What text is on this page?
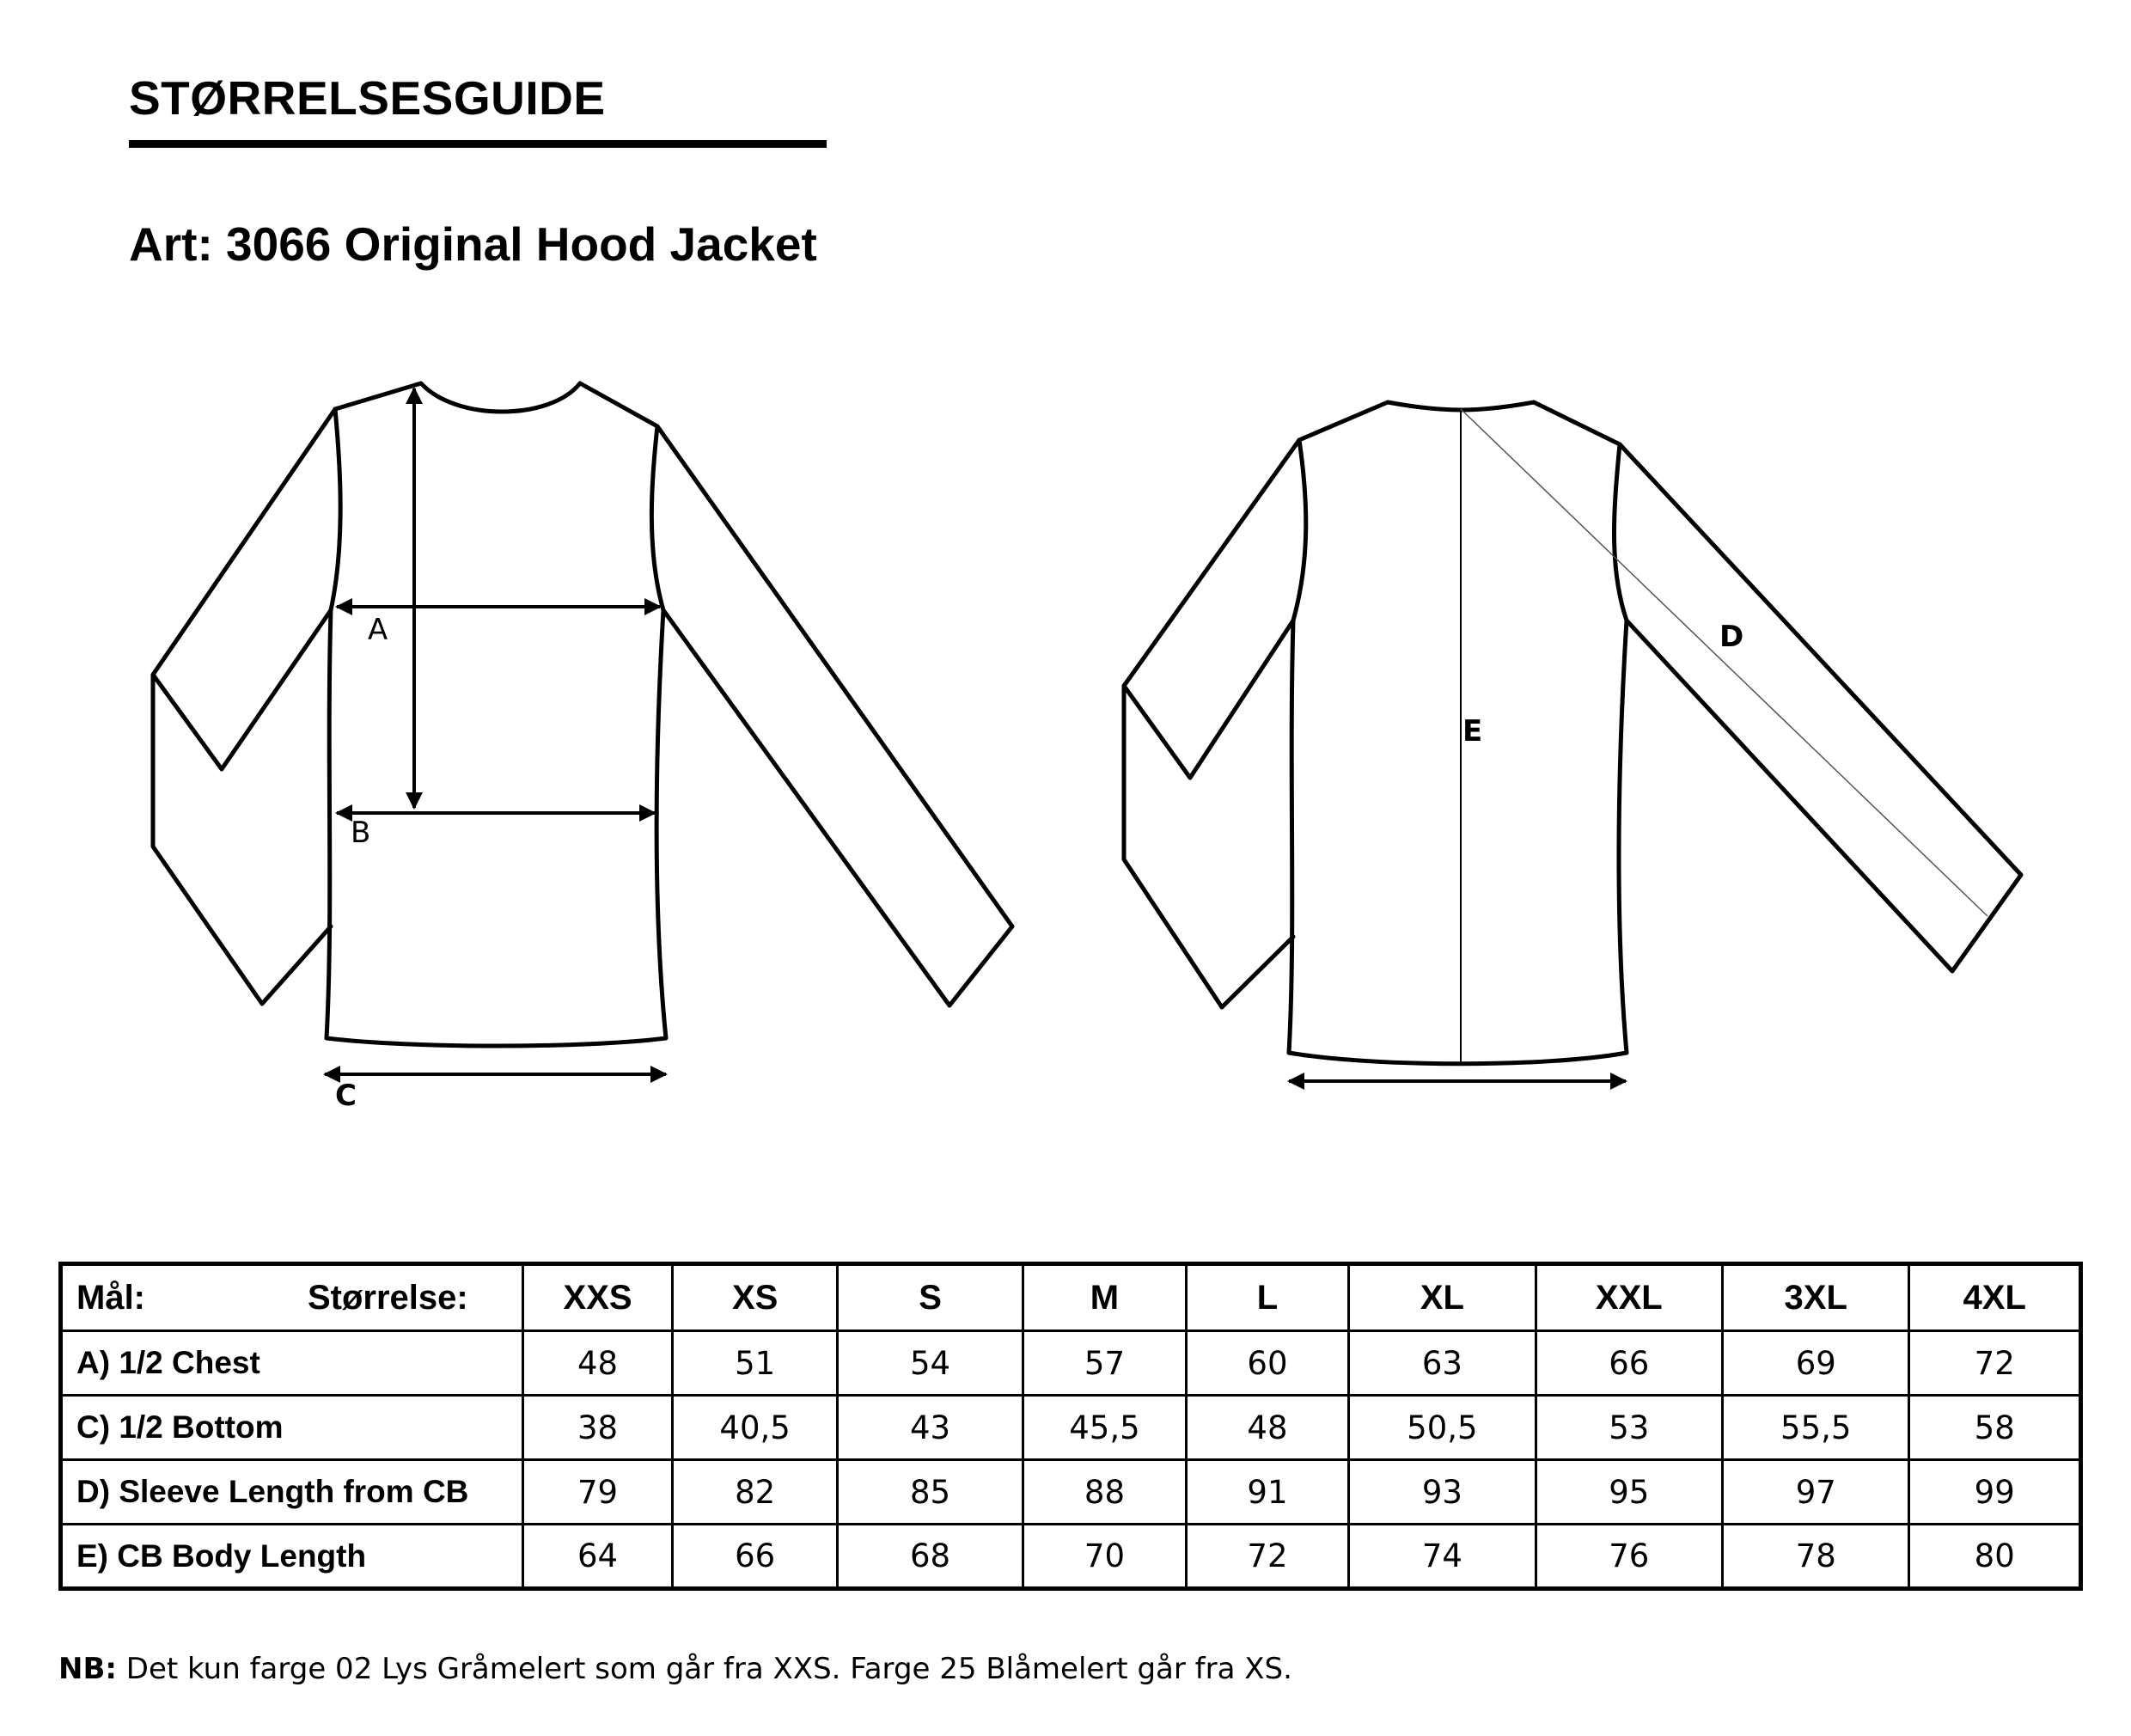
STØRRELSESGUIDE
Art: 3066 Original Hood Jacket
A
B
C
D
E
Mål: Størrelse:	XXS	XS	S	M	L	XL	XXL	3XL	4XL
A) 1/2 Chest	48	51	54	57	60	63	66	69	72
C) 1/2 Bottom	38	40,5	43	45,5	48	50,5	53	55,5	58
D) Sleeve Length from CB	79	82	85	88	91	93	95	97	99
E) CB Body Length	64	66	68	70	72	74	76	78	80
NB: Det kun farge 02 Lys Gråmelert som går fra XXS. Farge 25 Blåmelert går fra XS.
